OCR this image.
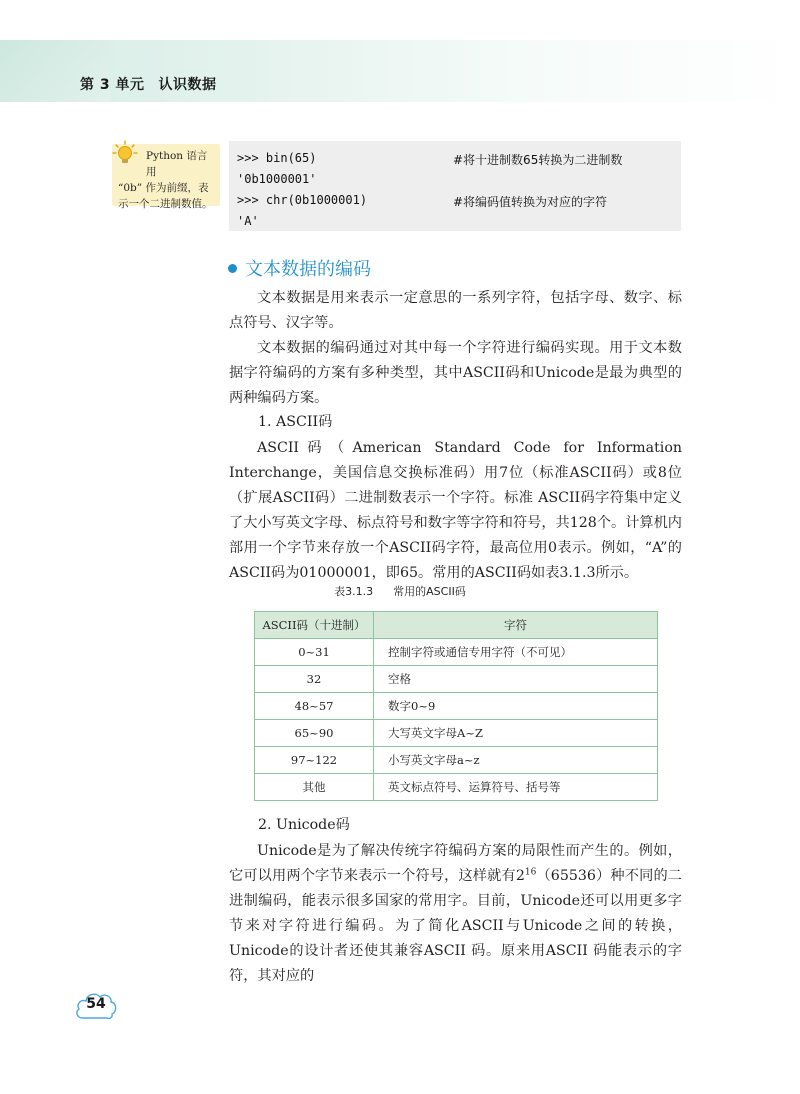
第 3 单元 认识数据
Python 语言用
“0b” 作为前缀，表
示一个二进制数值。
>>> bin(65)	#将十进制数65转换为二进制数
'0b1000001'
>>> chr(0b1000001)	#将编码值转换为对应的字符
'A'
文本数据的编码
文本数据是用来表示一定意思的一系列字符，包括字母、数字、标点符号、汉字等。
文本数据的编码通过对其中每一个字符进行编码实现。用于文本数据字符编码的方案有多种类型，其中ASCII码和Unicode是最为典型的两种编码方案。
1. ASCII码
ASCII码（American Standard Code for Information Interchange，美国信息交换标准码）用7位（标准ASCII码）或8位（扩展ASCII码）二进制数表示一个字符。标准 ASCII码字符集中定义了大小写英文字母、标点符号和数字等字符和符号，共128个。计算机内部用一个字节来存放一个ASCII码字符，最高位用0表示。例如，“A”的ASCII码为01000001，即65。常用的ASCII码如表3.1.3所示。
表3.1.3 常用的ASCII码
ASCII码（十进制）	字符
0~31	控制字符或通信专用字符（不可见）
32	空格
48~57	数字0~9
65~90	大写英文字母A~Z
97~122	小写英文字母a~z
其他	英文标点符号、运算符号、括号等
2. Unicode码
Unicode是为了解决传统字符编码方案的局限性而产生的。例如，它可以用两个字节来表示一个符号，这样就有$2^{16}(65536)$种不同的二进制编码，能表示很多国家的常用字。目前，Unicode还可以用更多字节来对字符进行编码。为了简化ASCII与Unicode之间的转换，Unicode的设计者还使其兼容ASCII 码。原来用ASCII 码能表示的字符，其对应的
54
